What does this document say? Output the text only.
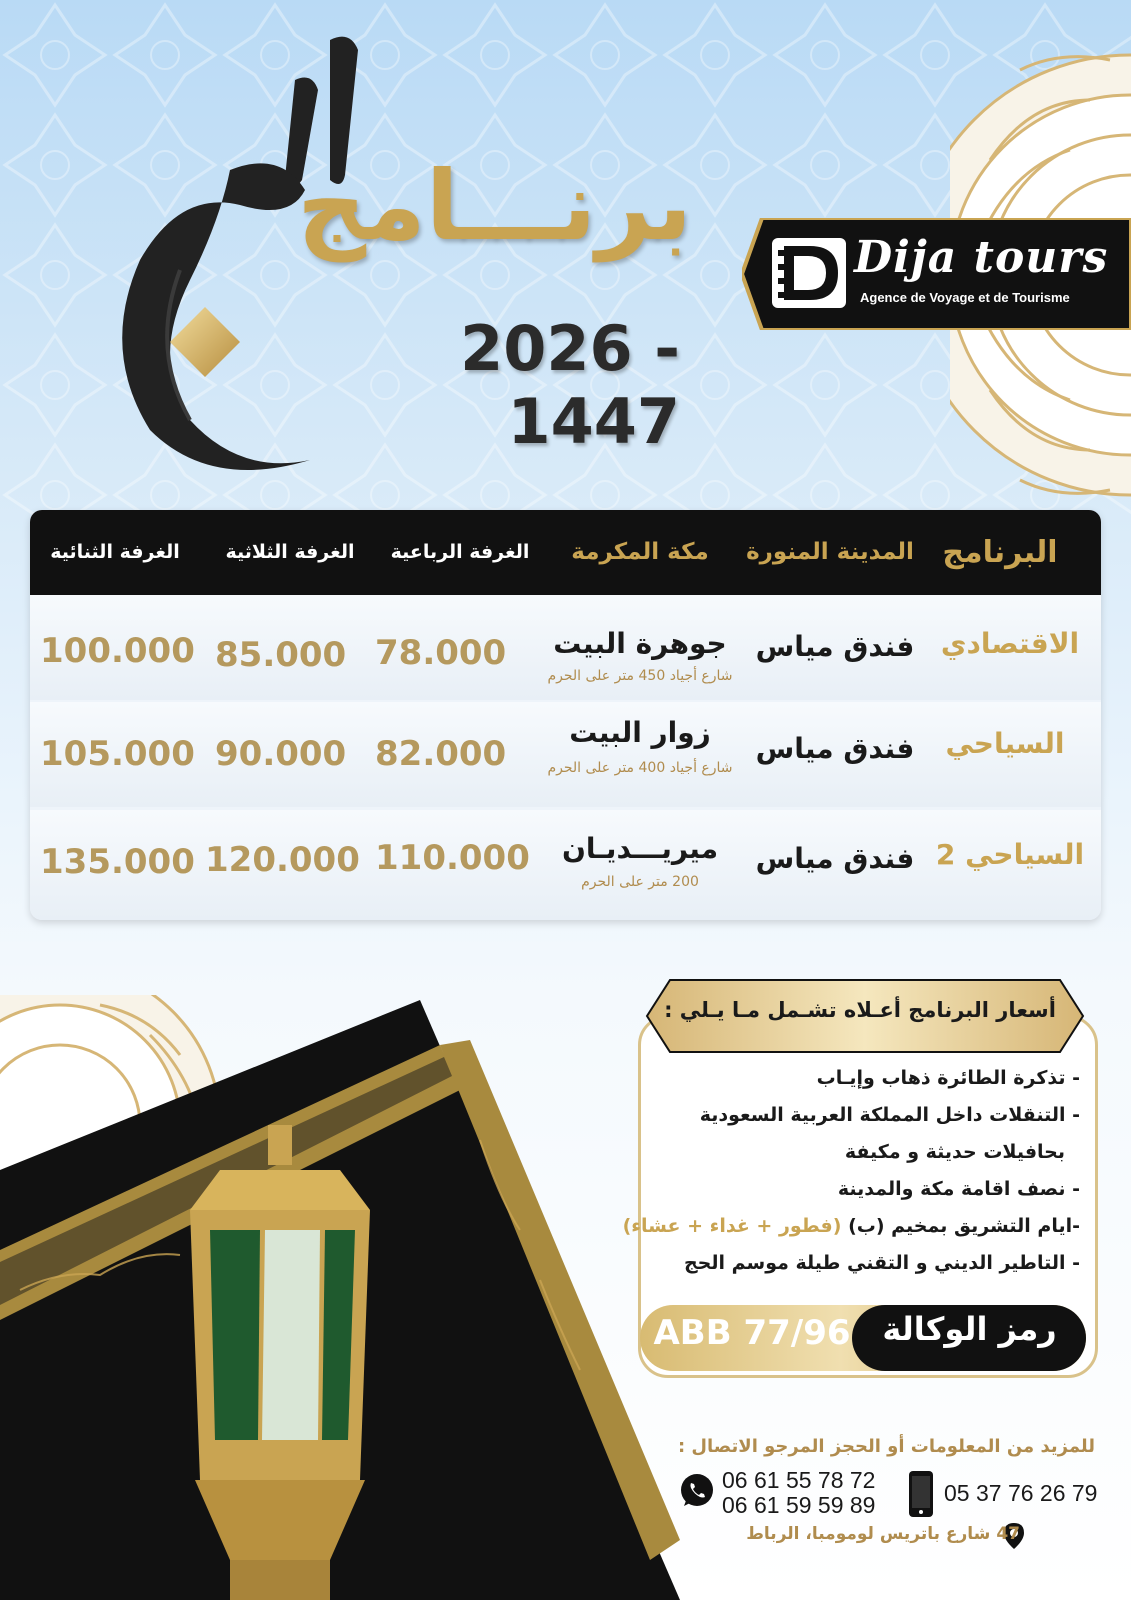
برنـــامج
2026 - 1447
Dija tours
Agence de Voyage et de Tourisme
البرنامج
المدينة المنورة
مكة المكرمة
الغرفة الرباعية
الغرفة الثلاثية
الغرفة الثنائية
الاقتصادي
فندق مياس
جوهرة البيت
شارع أجياد 450 متر على الحرم
78.000
85.000
100.000
السياحي
فندق مياس
زوار البيت
شارع أجياد 400 متر على الحرم
82.000
90.000
105.000
السياحي 2
فندق مياس
ميريـــديـان
200 متر على الحرم
110.000
120.000
135.000
أسعار البرنامج أعـلاه تشـمل مـا يـلي :
- تذكرة الطائرة ذهاب وإيـاب
- التنقلات داخل المملكة العربية السعودية
بحافيلات حديثة و مكيفة
- نصف اقامة مكة والمدينة
-ايام التشريق بمخيم (ب) (فطور + غداء + عشاء)
- التاطير الديني و التقني طيلة موسم الحج
ABB 77/96 رمز الوكالة
للمزيد من المعلومات أو الحجز المرجو الاتصال :
06 61 55 78 72
06 61 59 59 89	05 37 76 26 79
47 شارع باتريس لومومبا، الرباط
